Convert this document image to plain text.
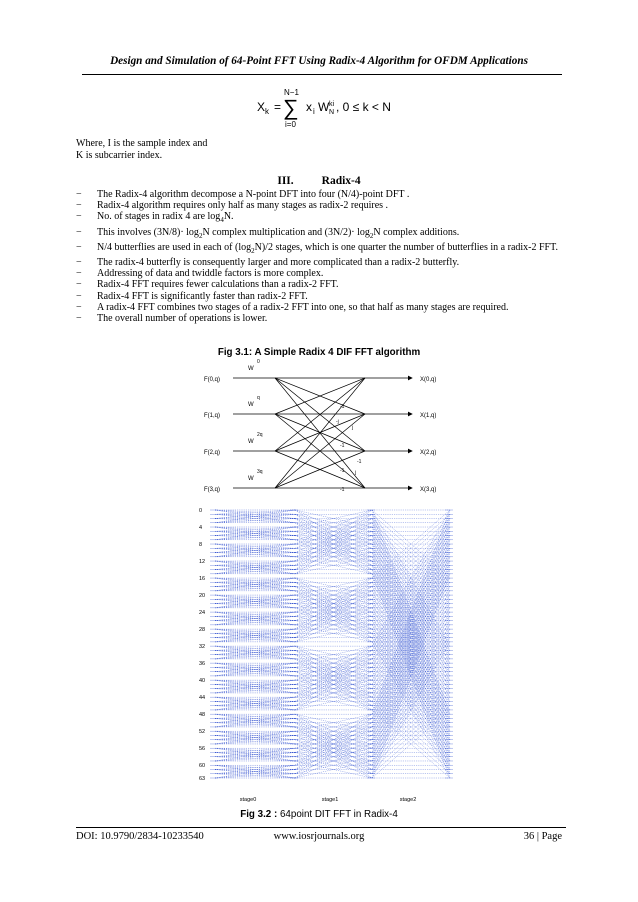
Design and Simulation of 64-Point FFT Using Radix-4 Algorithm for OFDM Applications
X k =
N−1
∑
i=0
x i W ki
N , 0 ≤ k < N
Where, I is the sample index and
K is subcarrier index.
III. Radix-4
− The Radix-4 algorithm decompose a N-point DFT into four (N/4)-point DFT .
− Radix-4 algorithm requires only half as many stages as radix-2 requires .
− No. of stages in radix 4 are $\log_4N$.
− This involves $(3N/8)\cdot \log_2N$ complex multiplication and $(3N/2)\cdot \log_2N$ complex additions.
− N/4 butterflies are used in each of $(\log_2N)/2$ stages, which is one quarter the number of butterflies in a radix-2 FFT.
− The radix-4 butterfly is consequently larger and more complicated than a radix-2 butterfly.
− Addressing of data and twiddle factors is more complex.
− Radix-4 FFT requires fewer calculations than a radix-2 FFT.
− Radix-4 FFT is significantly faster than radix-2 FFT.
− A radix-4 FFT combines two stages of a radix-2 FFT into one, so that half as many stages are required.
− The overall number of operations is lower.
Fig 3.1: A Simple Radix 4 DIF FFT algorithm
F(0,q)	X(0,q)
W
0
F(1,q)	X(1,q)
W
q
F(2,q)	X(2,q)
W
2q
F(3,q)	X(3,q)
W
3q
-1
-j
j
-1
-1
-1 j
-1
0
4
8
12
16
20
24
28
32
36
40
44
48
52
56
60
63
stage0	stage1	stage2
Fig 3.2 : 64point DIT FFT in Radix-4
DOI: 10.9790/2834-10233540	www.iosrjournals.org	36 | Page
